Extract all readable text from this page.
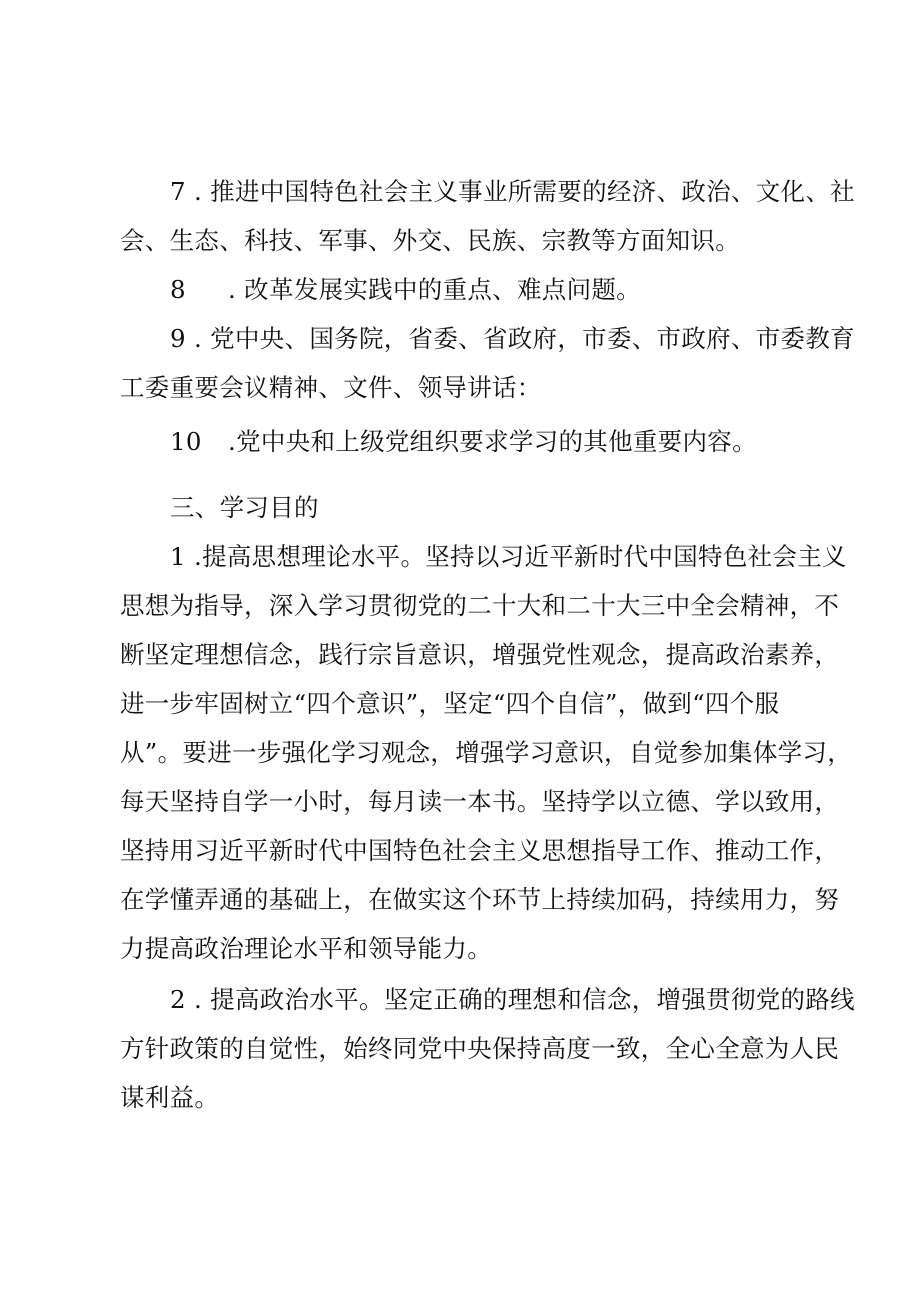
7 . 推进中国特色社会主义事业所需要的经济、政治、文化、社
会、生态、科技、军事、外交、民族、宗教等方面知识。
8 . 改革发展实践中的重点、难点问题。
9 . 党中央、国务院，省委、省政府，市委、市政府、市委教育
工委重要会议精神、文件、领导讲话：
10 .党中央和上级党组织要求学习的其他重要内容。
三、学习目的
1 .提高思想理论水平。坚持以习近平新时代中国特色社会主义
思想为指导，深入学习贯彻党的二十大和二十大三中全会精神，不
断坚定理想信念，践行宗旨意识，增强党性观念，提高政治素养，
进一步牢固树立“四个意识”，坚定“四个自信”，做到“四个服
从”。要进一步强化学习观念，增强学习意识，自觉参加集体学习，
每天坚持自学一小时，每月读一本书。坚持学以立德、学以致用，
坚持用习近平新时代中国特色社会主义思想指导工作、推动工作，
在学懂弄通的基础上，在做实这个环节上持续加码，持续用力，努
力提高政治理论水平和领导能力。
2 . 提高政治水平。坚定正确的理想和信念，增强贯彻党的路线
方针政策的自觉性，始终同党中央保持高度一致，全心全意为人民
谋利益。
